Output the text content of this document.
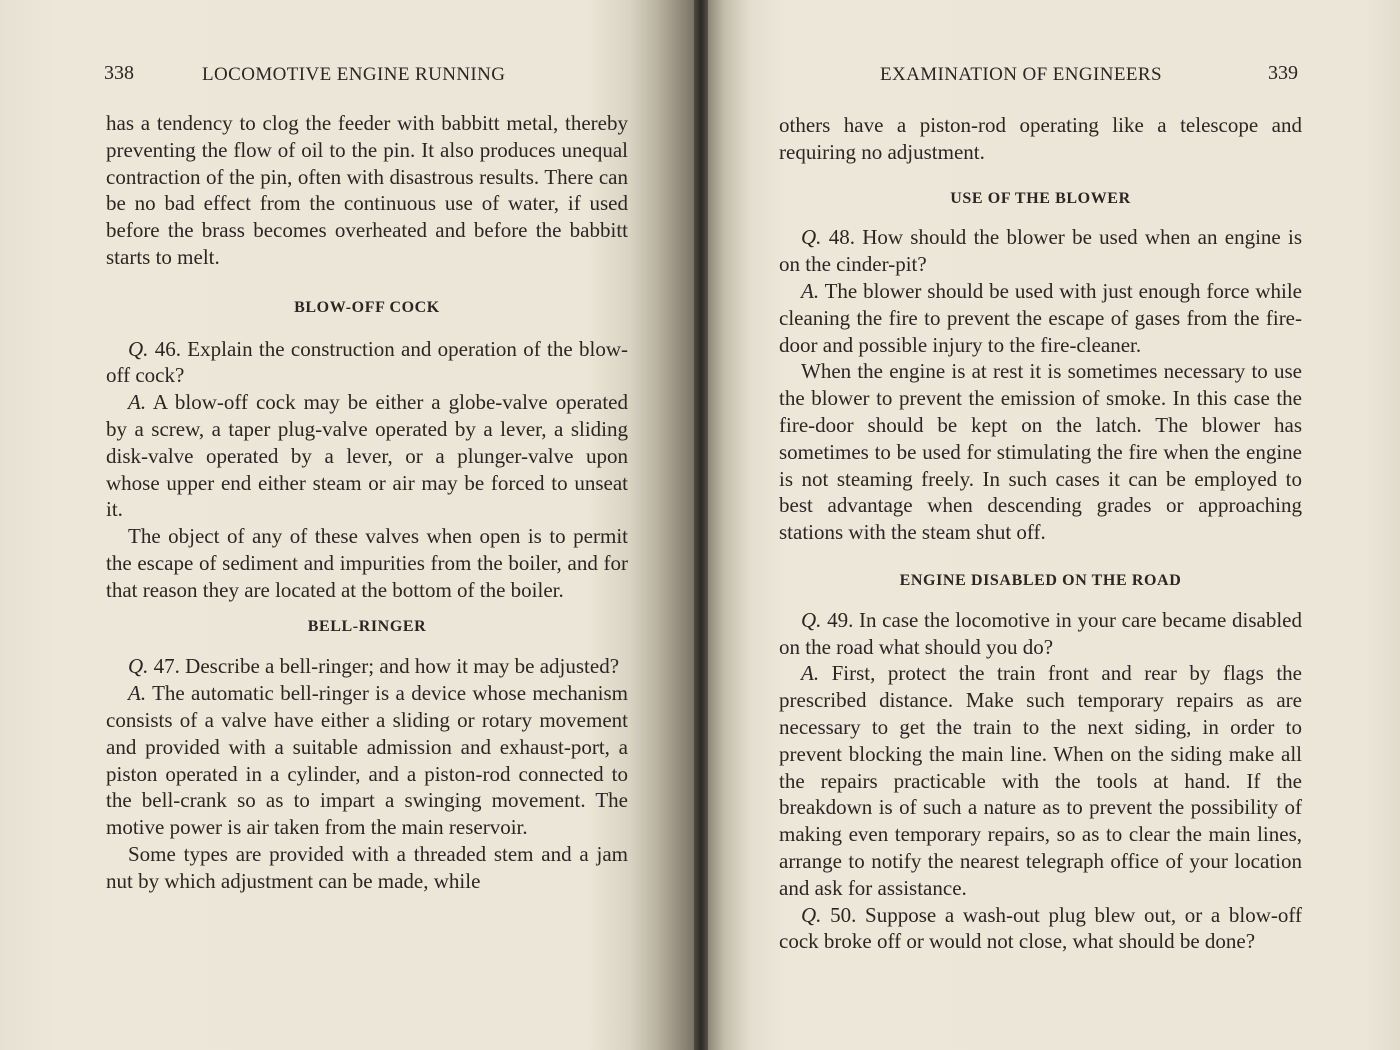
338	LOCOMOTIVE ENGINE RUNNING

has a tendency to clog the feeder with babbitt metal, thereby preventing the flow of oil to the pin. It also produces unequal contraction of the pin, often with disastrous results. There can be no bad effect from the continuous use of water, if used before the brass becomes overheated and before the babbitt starts to melt.

BLOW-OFF COCK

Q. 46. Explain the construction and operation of the blow-off cock?

A. A blow-off cock may be either a globe-valve operated by a screw, a taper plug-valve operated by a lever, a sliding disk-valve operated by a lever, or a plunger-valve upon whose upper end either steam or air may be forced to unseat it.

The object of any of these valves when open is to permit the escape of sediment and impurities from the boiler, and for that reason they are located at the bottom of the boiler.

BELL-RINGER

Q. 47. Describe a bell-ringer; and how it may be adjusted?

A. The automatic bell-ringer is a device whose mechanism consists of a valve have either a sliding or rotary movement and provided with a suitable admission and exhaust-port, a piston operated in a cylinder, and a piston-rod connected to the bell-crank so as to impart a swinging movement. The motive power is air taken from the main reservoir.

Some types are provided with a threaded stem and a jam nut by which adjustment can be made, while

EXAMINATION OF ENGINEERS	339

others have a piston-rod operating like a telescope and requiring no adjustment.

USE OF THE BLOWER

Q. 48. How should the blower be used when an engine is on the cinder-pit?

A. The blower should be used with just enough force while cleaning the fire to prevent the escape of gases from the fire-door and possible injury to the fire-cleaner.

When the engine is at rest it is sometimes necessary to use the blower to prevent the emission of smoke. In this case the fire-door should be kept on the latch. The blower has sometimes to be used for stimulating the fire when the engine is not steaming freely. In such cases it can be employed to best advantage when descending grades or approaching stations with the steam shut off.

ENGINE DISABLED ON THE ROAD

Q. 49. In case the locomotive in your care became disabled on the road what should you do?

A. First, protect the train front and rear by flags the prescribed distance. Make such temporary repairs as are necessary to get the train to the next siding, in order to prevent blocking the main line. When on the siding make all the repairs practicable with the tools at hand. If the breakdown is of such a nature as to prevent the possibility of making even temporary repairs, so as to clear the main lines, arrange to notify the nearest telegraph office of your location and ask for assistance.

Q. 50. Suppose a wash-out plug blew out, or a blow-off cock broke off or would not close, what should be done?
